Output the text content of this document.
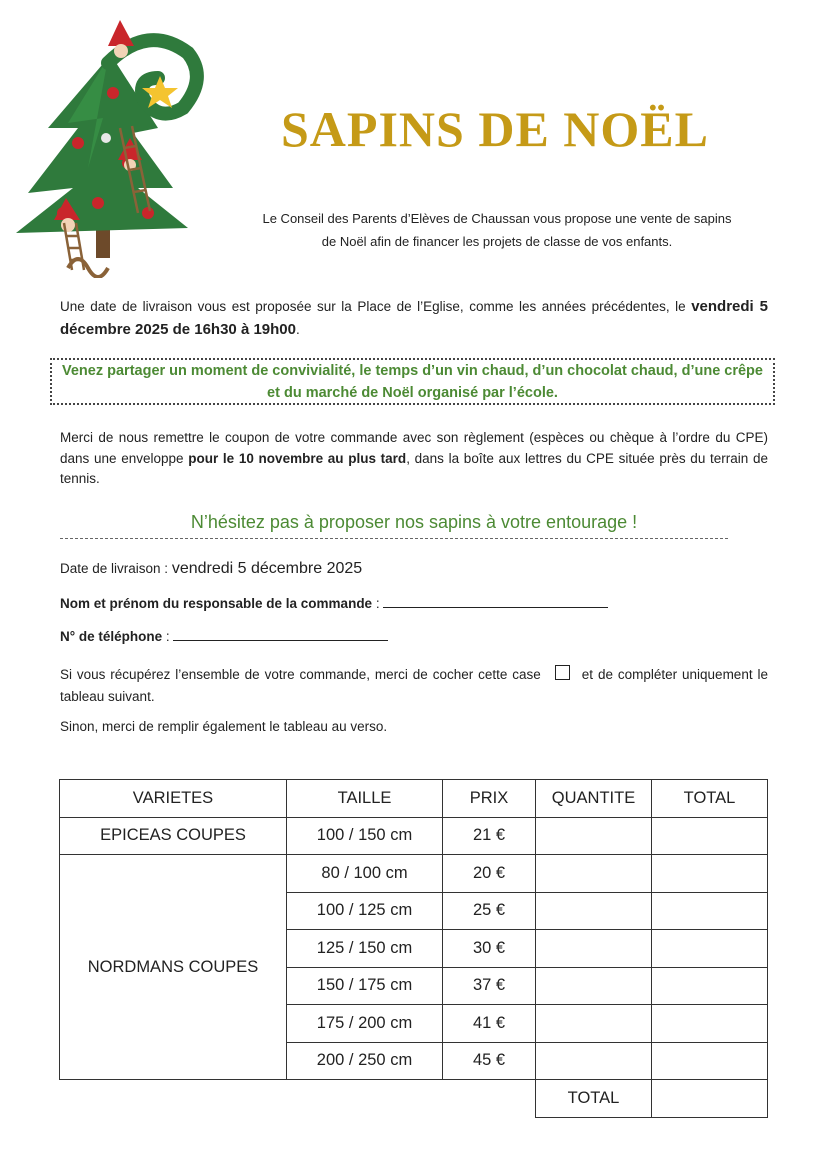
SAPINS DE NOËL
Le Conseil des Parents d’Elèves de Chaussan vous propose une vente de sapins
de Noël afin de financer les projets de classe de vos enfants.
Une date de livraison vous est proposée sur la Place de l’Eglise, comme les années précédentes, le vendredi 5 décembre 2025 de 16h30 à 19h00.
Venez partager un moment de convivialité, le temps d’un vin chaud, d’un chocolat chaud, d’une crêpe et du marché de Noël organisé par l’école.
Merci de nous remettre le coupon de votre commande avec son règlement (espèces ou chèque à l’ordre du CPE) dans une enveloppe pour le 10 novembre au plus tard, dans la boîte aux lettres du CPE située près du terrain de tennis.
N’hésitez pas à proposer nos sapins à votre entourage !
Date de livraison : vendredi 5 décembre 2025
Nom et prénom du responsable de la commande :
N° de téléphone :
Si vous récupérez l’ensemble de votre commande, merci de cocher cette case	et de compléter uniquement le tableau suivant.
Sinon, merci de remplir également le tableau au verso.
VARIETES	TAILLE	PRIX	QUANTITE	TOTAL
EPICEAS COUPES	100 / 150 cm	21 €		
NORDMANS COUPES	80 / 100 cm	20 €		
	100 / 125 cm	25 €		
	125 / 150 cm	30 €		
	150 / 175 cm	37 €		
	175 / 200 cm	41 €		
	200 / 250 cm	45 €		
			TOTAL	
